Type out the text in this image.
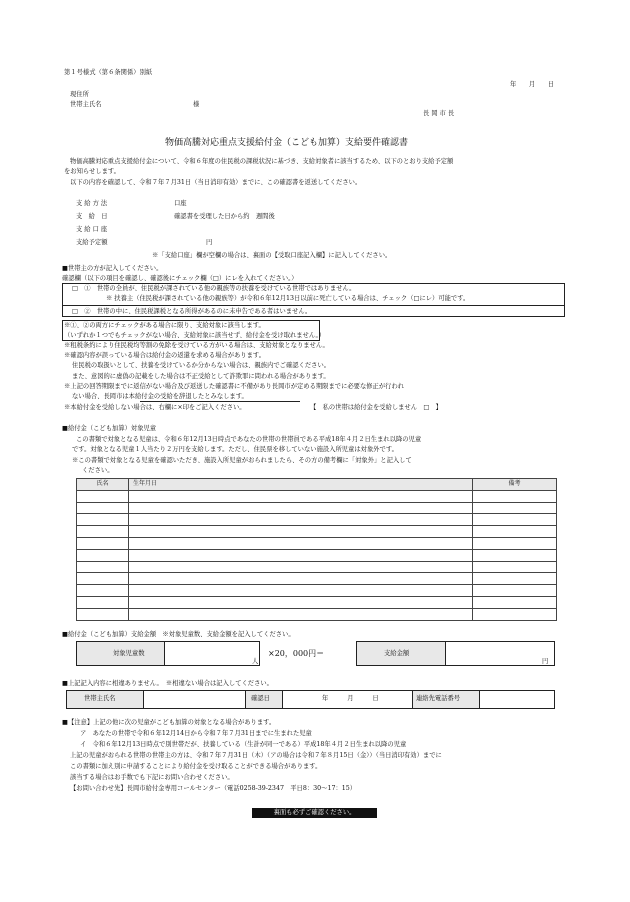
第１号様式（第６条関係）別紙
年　　月　　日
現住所
世帯主氏名	様
長 岡 市 長
物価高騰対応重点支援給付金（こども加算）支給要件確認書
物価高騰対応重点支援給付金について、令和６年度の住民税の課税状況に基づき、支給対象者に該当するため、以下のとおり支給予定額
をお知らせします。
以下の内容を確認して、令和７年７月31日（当日消印有効）までに、この確認書を返送してください。
支 給 方 法	口座
支　給　日	確認書を受理した日から約　週間後
支 給 口 座
支給予定額	円
※「支給口座」欄が空欄の場合は、裏面の【受取口座記入欄】に記入してください。
■世帯主の方が記入してください。
確認欄（以下の項目を確認し、確認後にチェック欄（□）にレを入れてください。）
□　①　世帯の全員が、住民税が課されている他の親族等の扶養を受けている世帯ではありません。
※ 扶養主（住民税が課されている他の親族等）が令和６年12月13日以前に死亡している場合は、チェック（□にレ）可能です。
□　②　世帯の中に、住民税課税となる所得があるのに未申告である者はいません。
※①、②の両方にチェックがある場合に限り、支給対象に該当します。
（いずれか１つでもチェックがない場合、支給対象に該当せず、給付金を受け取れません。）
※租税条約により住民税均等割の免除を受けている方がいる場合は、支給対象となりません。
※確認内容が誤っている場合は給付金の返還を求める場合があります。
住民税の取扱いとして、扶養を受けているか分からない場合は、親族内でご確認ください。
また、意図的に虚偽の記載をした場合は不正受給として詐欺罪に問われる場合があります。
※上記の回答期限までに返信がない場合及び返送した確認書に不備があり長岡市が定める期限までに必要な修正が行われ
ない場合、長岡市は本給付金の受給を辞退したとみなします。
※本給付金を受給しない場合は、右欄に×印をご記入ください。	【　私の世帯は給付金を受給しません　□　】
■給付金（こども加算）対象児童
この書類で対象となる児童は、令和６年12月13日時点であなたの世帯の世帯員である平成18年４月２日生まれ以降の児童
です。対象となる児童１人当たり２万円を支給します。ただし、住民票を移していない施設入所児童は対象外です。
※この書類で対象となる児童を確認いただき、施設入所児童がおられましたら、その方の備考欄に「対象外」と記入して
ください。
氏名	生年月日	備考

■給付金（こども加算）支給金額　※対象児童数、支給金額を記入してください。
対象児童数
人
×20，000円＝	支給金額
円
■上記記入内容に相違ありません。　※相違ない場合は記入してください。
世帯主氏名	確認日	年　　　月　　　日	連絡先電話番号
■【注意】上記の他に次の児童がこども加算の対象となる場合があります。
ア　あなたの世帯で令和６年12月14日から令和７年７月31日までに生まれた児童
イ　令和６年12月13日時点で別世帯だが、扶養している（生計が同一である）平成18年４月２日生まれ以降の児童
上記の児童がおられる世帯の世帯主の方は、令和７年７月31日（木）（アの場合は令和７年８月15日（金））（当日消印有効）までに
この書類に加え別に申請することにより給付金を受け取ることができる場合があります。
該当する場合はお手数でも下記にお問い合わせください。
【お問い合わせ先】長岡市給付金専用コールセンター（電話0258-39-2347　平日8：30～17：15）
裏面も必ずご確認ください。
